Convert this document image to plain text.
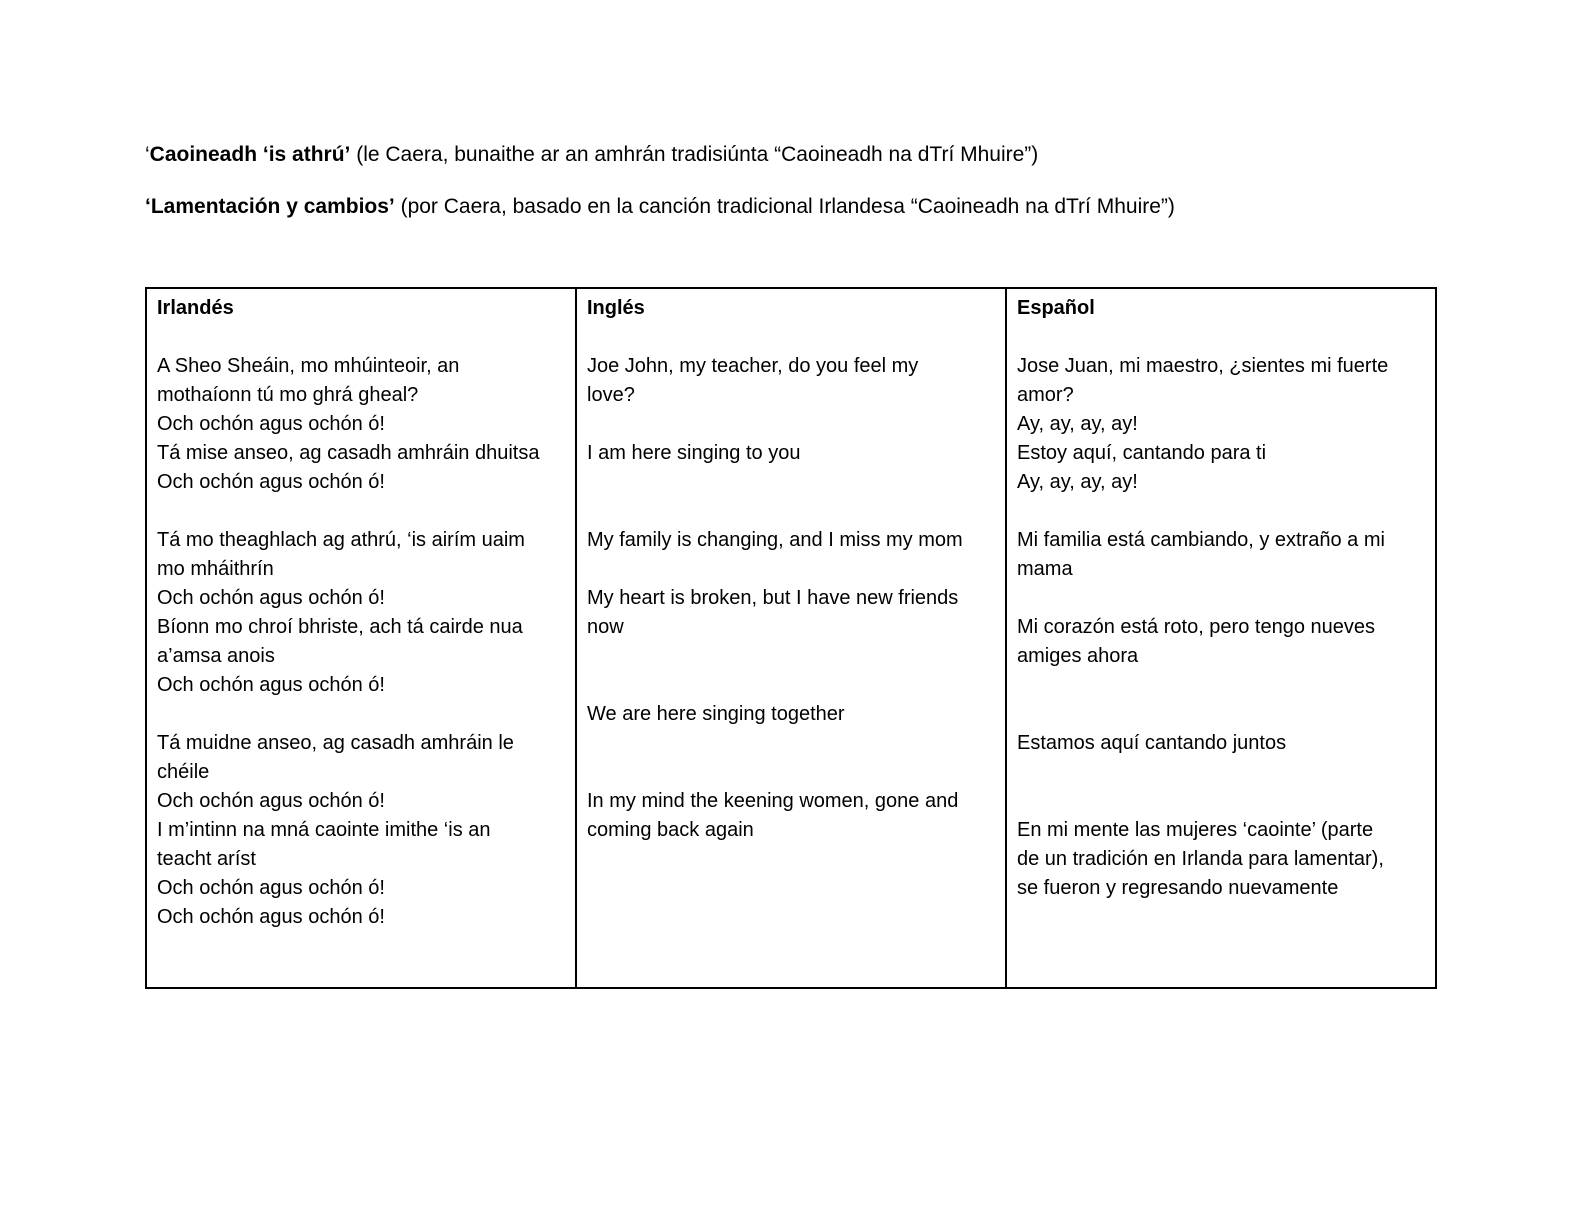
‘Caoineadh ‘is athrú’ (le Caera, bunaithe ar an amhrán tradisiúnta “Caoineadh na dTrí Mhuire”)
‘Lamentación y cambios’ (por Caera, basado en la canción tradicional Irlandesa “Caoineadh na dTrí Mhuire”)
Irlandés
A Sheo Sheáin, mo mhúinteoir, an
mothaíonn tú mo ghrá gheal?
Och ochón agus ochón ó!
Tá mise anseo, ag casadh amhráin dhuitsa
Och ochón agus ochón ó!
Tá mo theaghlach ag athrú, ‘is airím uaim
mo mháithrín
Och ochón agus ochón ó!
Bíonn mo chroí bhriste, ach tá cairde nua
a’amsa anois
Och ochón agus ochón ó!
Tá muidne anseo, ag casadh amhráin le
chéile
Och ochón agus ochón ó!
I m’intinn na mná caointe imithe ‘is an
teacht aríst
Och ochón agus ochón ó!
Och ochón agus ochón ó!
Inglés
Joe John, my teacher, do you feel my
love?
I am here singing to you
My family is changing, and I miss my mom
My heart is broken, but I have new friends
now
We are here singing together
In my mind the keening women, gone and
coming back again
Español
Jose Juan, mi maestro, ¿sientes mi fuerte
amor?
Ay, ay, ay, ay!
Estoy aquí, cantando para ti
Ay, ay, ay, ay!
Mi familia está cambiando, y extraño a mi
mama
Mi corazón está roto, pero tengo nueves
amiges ahora
Estamos aquí cantando juntos
En mi mente las mujeres ‘caointe’ (parte
de un tradición en Irlanda para lamentar),
se fueron y regresando nuevamente
